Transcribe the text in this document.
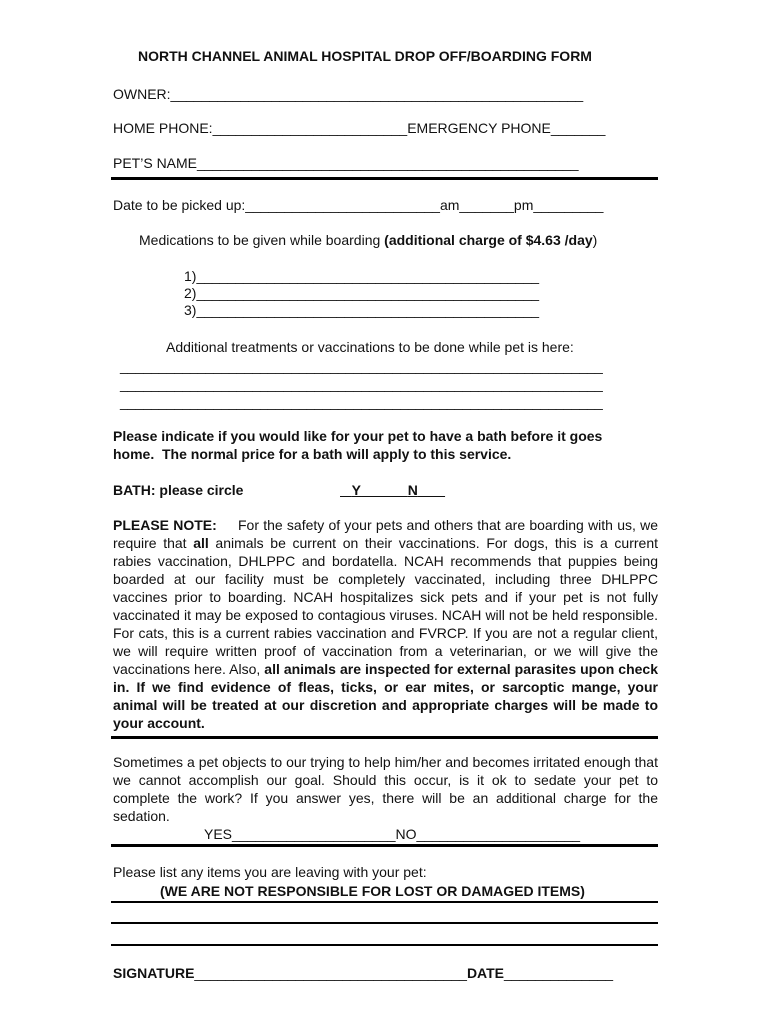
NORTH CHANNEL ANIMAL HOSPITAL DROP OFF/BOARDING FORM
OWNER:_____________________________________________________
HOME PHONE:_________________________EMERGENCY PHONE_______
PET’S NAME_________________________________________________
Date to be picked up:_________________________am_______pm_________
Medications to be given while boarding (additional charge of $4.63 /day)
1)____________________________________________
2)____________________________________________
3)____________________________________________
Additional treatments or vaccinations to be done while pet is here:
______________________________________________________________
______________________________________________________________
______________________________________________________________
Please indicate if you would like for your pet to have a bath before it goes
home.  The normal price for a bath will apply to this service.
BATH: please circle	Y	N
PLEASE NOTE: For the safety of your pets and others that are boarding with us, we require that all animals be current on their vaccinations. For dogs, this is a current rabies vaccination, DHLPPC and bordatella. NCAH recommends that puppies being boarded at our facility must be completely vaccinated, including three DHLPPC vaccines prior to boarding. NCAH hospitalizes sick pets and if your pet is not fully vaccinated it may be exposed to contagious viruses. NCAH will not be held responsible. For cats, this is a current rabies vaccination and FVRCP. If you are not a regular client, we will require written proof of vaccination from a veterinarian, or we will give the vaccinations here. Also, all animals are inspected for external parasites upon check in. If we find evidence of fleas, ticks, or ear mites, or sarcoptic mange, your animal will be treated at our discretion and appropriate charges will be made to your account.
Sometimes a pet objects to our trying to help him/her and becomes irritated enough that we cannot accomplish our goal. Should this occur, is it ok to sedate your pet to complete the work? If you answer yes, there will be an additional charge for the sedation.
YES_____________________NO_____________________
Please list any items you are leaving with your pet:
(WE ARE NOT RESPONSIBLE FOR LOST OR DAMAGED ITEMS)
SIGNATURE___________________________________DATE______________
